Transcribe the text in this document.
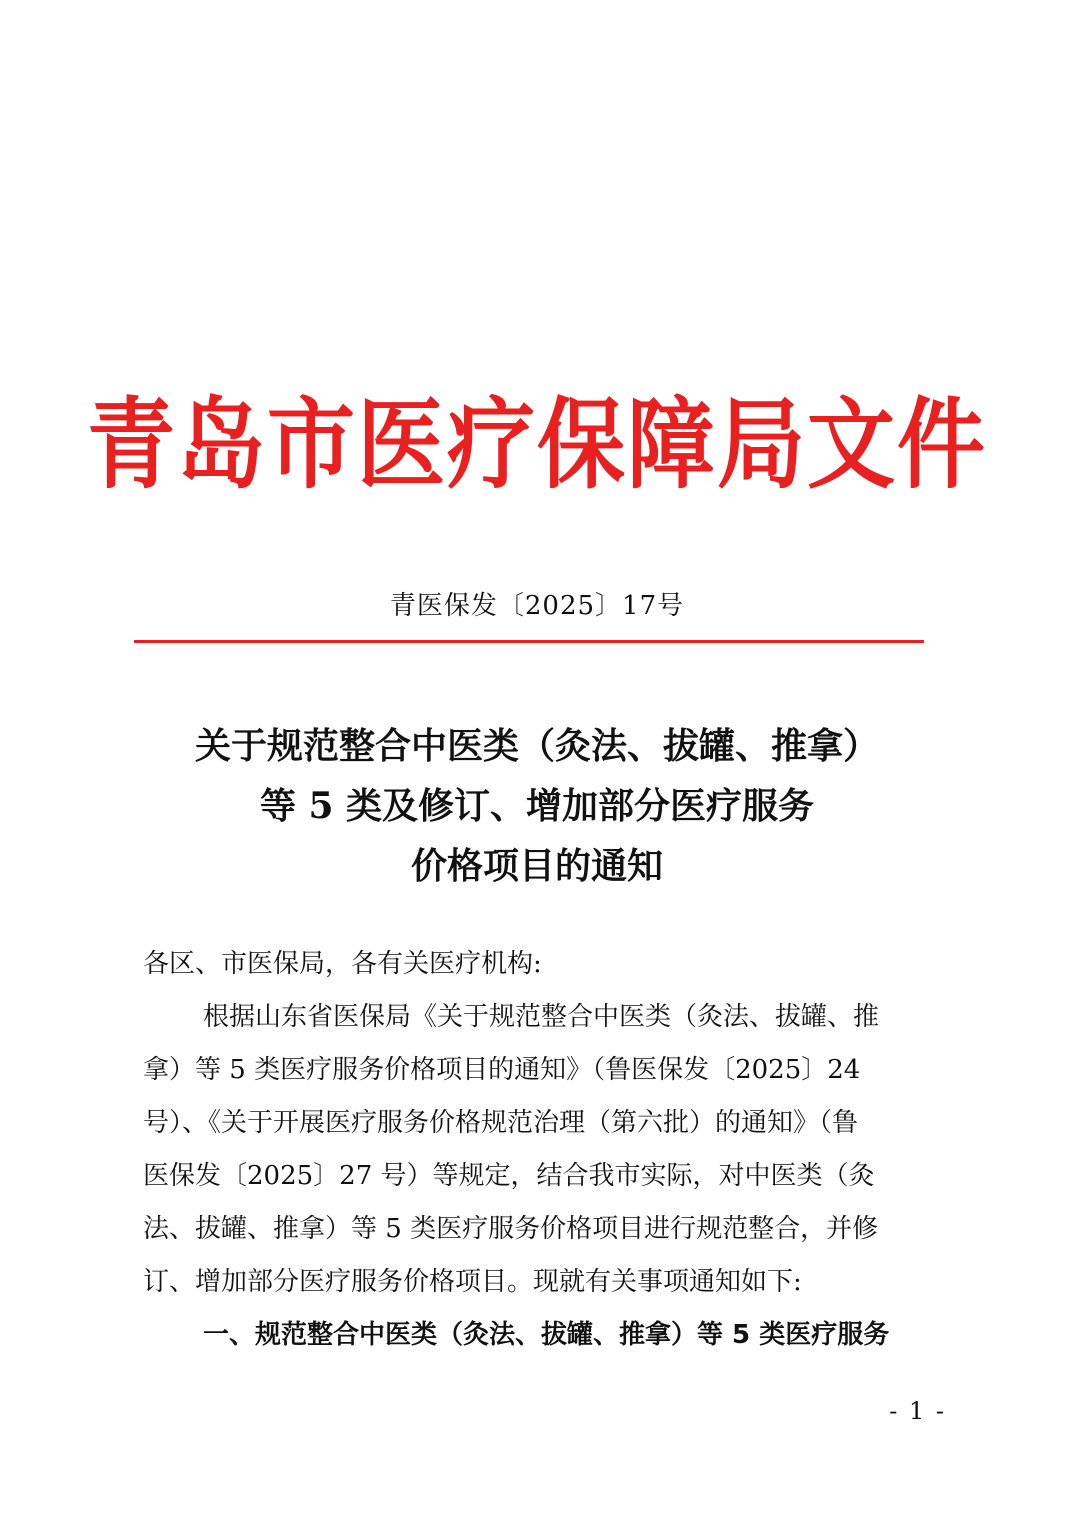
青岛市医疗保障局文件
青医保发〔2025〕17号
关于规范整合中医类（灸法、拔罐、推拿）
等 5 类及修订、增加部分医疗服务
价格项目的通知
各区、市医保局，各有关医疗机构:
根据山东省医保局《关于规范整合中医类（灸法、拔罐、推
拿）等 5 类医疗服务价格项目的通知》（鲁医保发〔2025〕24
号）、《关于开展医疗服务价格规范治理（第六批）的通知》（鲁
医保发〔2025〕27 号）等规定，结合我市实际，对中医类（灸
法、拔罐、推拿）等 5 类医疗服务价格项目进行规范整合，并修
订、增加部分医疗服务价格项目。现就有关事项通知如下:
一、规范整合中医类（灸法、拔罐、推拿）等 5 类医疗服务
- 1 -
